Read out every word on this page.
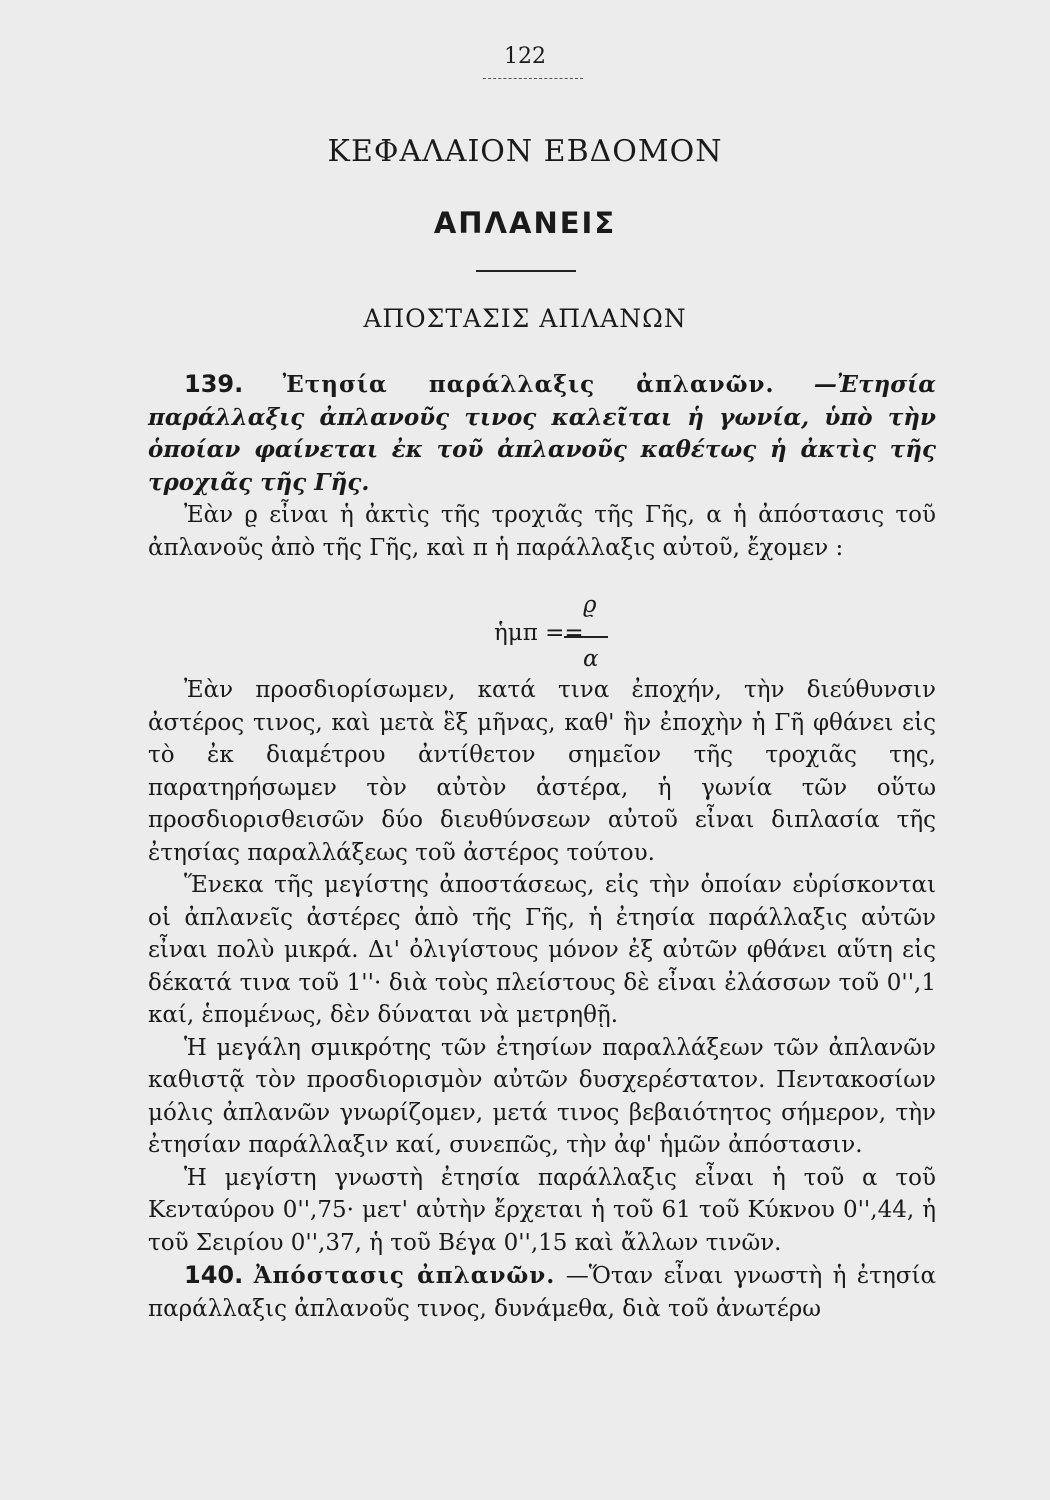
122
ΚΕΦΑΛΑΙΟΝ ΕΒΔΟΜΟΝ
ΑΠΛΑΝΕΙΣ
ΑΠΟΣΤΑΣΙΣ ΑΠΛΑΝΩΝ

139. Ἐτησία παράλλαξις ἀπλανῶν. —Ἐτησία παράλλαξις ἀπλανοῦς τινος καλεῖται ἡ γωνία, ὑπὸ τὴν ὁποίαν φαίνεται ἐκ τοῦ ἀπλανοῦς καθέτως ἡ ἀκτὶς τῆς τροχιᾶς τῆς Γῆς.

Ἐὰν ϱ εἶναι ἡ ἀκτὶς τῆς τροχιᾶς τῆς Γῆς, α ἡ ἀπόστασις τοῦ ἀπλανοῦς ἀπὸ τῆς Γῆς, καὶ π ἡ παράλλαξις αὐτοῦ, ἔχομεν :

ϱ
ἡμπ ==
α

Ἐὰν προσδιορίσωμεν, κατά τινα ἐποχήν, τὴν διεύθυνσιν ἀστέρος τινος, καὶ μετὰ ἓξ μῆνας, καθ' ἣν ἐποχὴν ἡ Γῆ φθάνει εἰς τὸ ἐκ διαμέτρου ἀντίθετον σημεῖον τῆς τροχιᾶς της, παρατηρήσωμεν τὸν αὐτὸν ἀστέρα, ἡ γωνία τῶν οὕτω προσδιορισθεισῶν δύο διευθύνσεων αὐτοῦ εἶναι διπλασία τῆς ἐτησίας παραλλάξεως τοῦ ἀστέρος τούτου.

Ἕνεκα τῆς μεγίστης ἀποστάσεως, εἰς τὴν ὁποίαν εὑρίσκονται οἱ ἀπλανεῖς ἀστέρες ἀπὸ τῆς Γῆς, ἡ ἐτησία παράλλαξις αὐτῶν εἶναι πολὺ μικρά. Δι' ὀλιγίστους μόνον ἐξ αὐτῶν φθάνει αὕτη εἰς δέκατά τινα τοῦ 1''· διὰ τοὺς πλείστους δὲ εἶναι ἐλάσσων τοῦ 0'',1 καί, ἑπομένως, δὲν δύναται νὰ μετρηθῇ.

Ἡ μεγάλη σμικρότης τῶν ἐτησίων παραλλάξεων τῶν ἀπλανῶν καθιστᾷ τὸν προσδιορισμὸν αὐτῶν δυσχερέστατον. Πεντακοσίων μόλις ἀπλανῶν γνωρίζομεν, μετά τινος βεβαιότητος σήμερον, τὴν ἐτησίαν παράλλαξιν καί, συνεπῶς, τὴν ἀφ' ἡμῶν ἀπόστασιν.

Ἡ μεγίστη γνωστὴ ἐτησία παράλλαξις εἶναι ἡ τοῦ α τοῦ Κενταύρου 0'',75· μετ' αὐτὴν ἔρχεται ἡ τοῦ 61 τοῦ Κύκνου 0'',44, ἡ τοῦ Σειρίου 0'',37, ἡ τοῦ Βέγα 0'',15 καὶ ἄλλων τινῶν.

140. Ἀπόστασις ἀπλανῶν. —Ὅταν εἶναι γνωστὴ ἡ ἐτησία παράλλαξις ἀπλανοῦς τινος, δυνάμεθα, διὰ τοῦ ἀνωτέρω
